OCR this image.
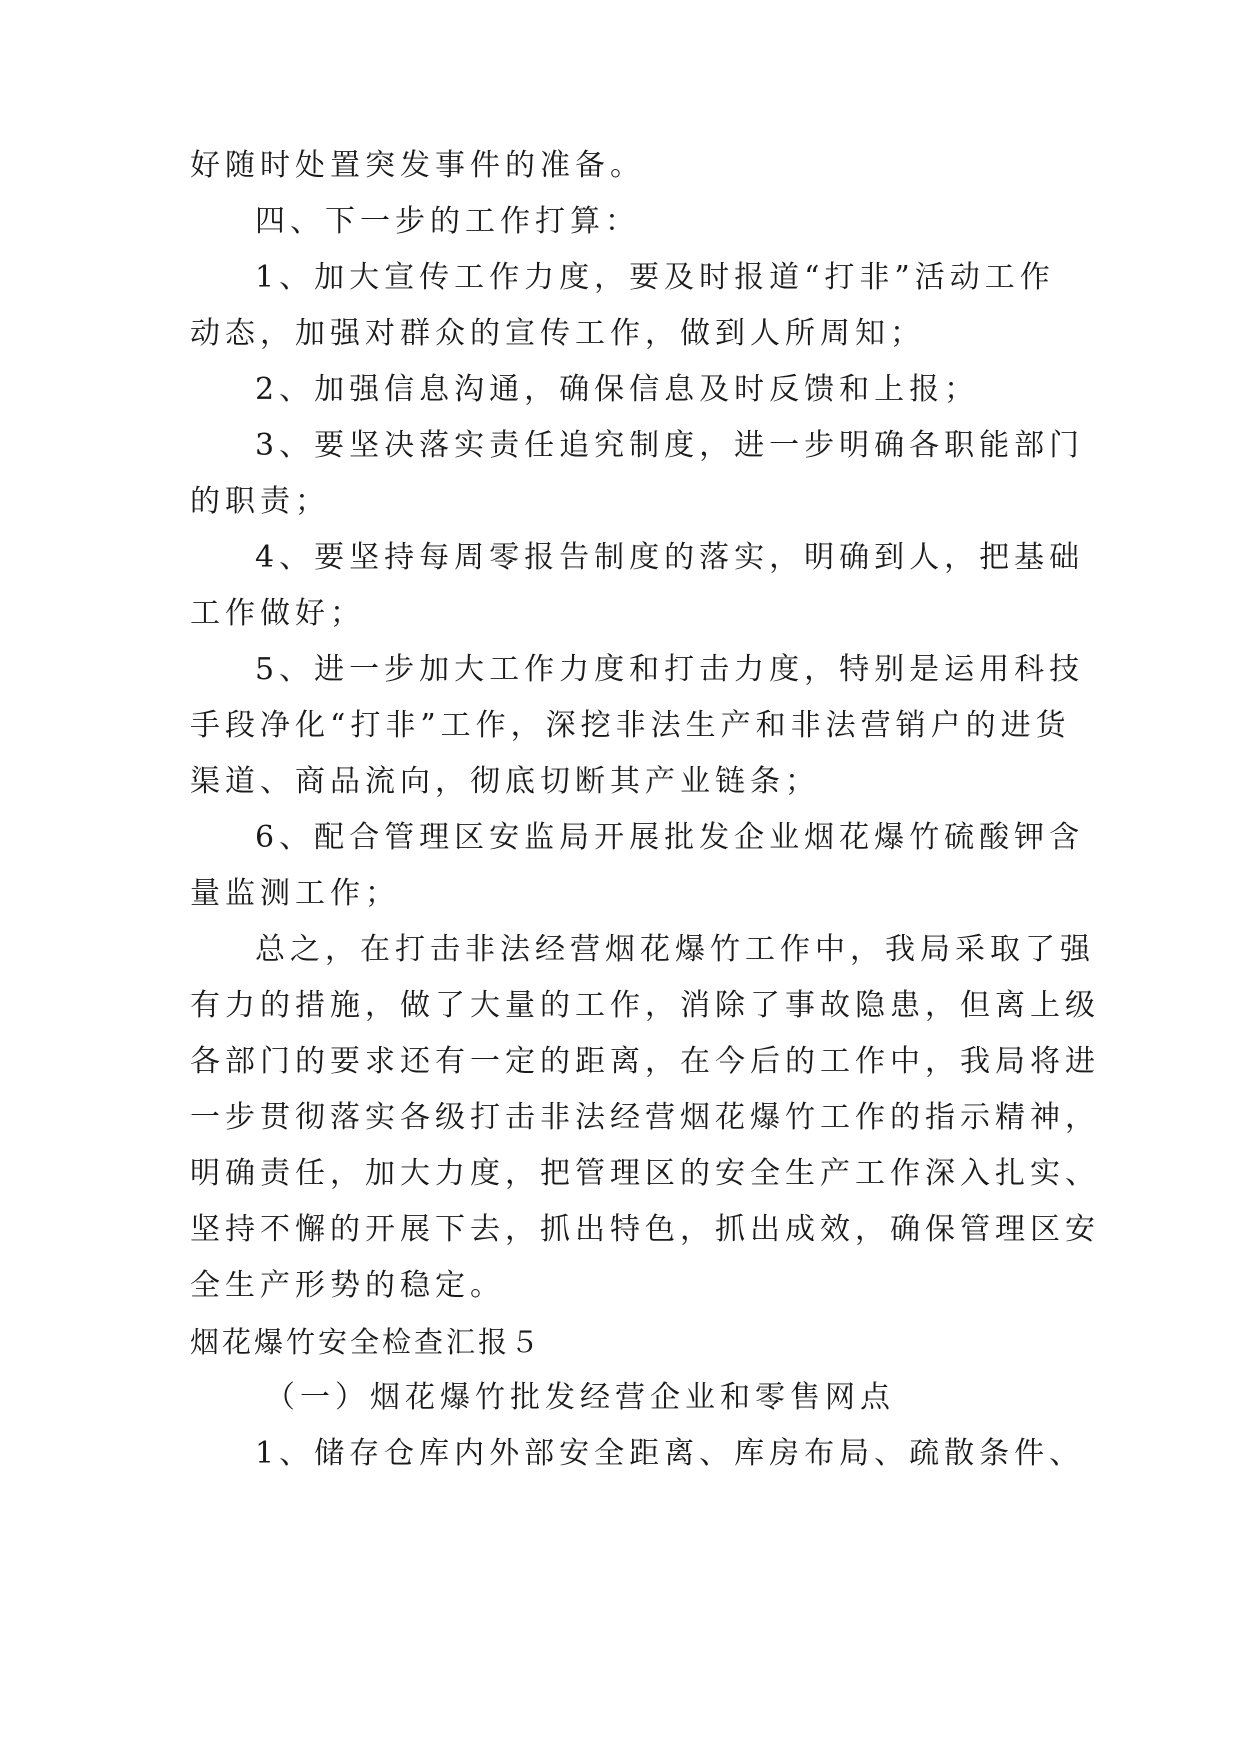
好随时处置突发事件的准备。
四、下一步的工作打算：
1、加大宣传工作力度，要及时报道“打非”活动工作
动态，加强对群众的宣传工作，做到人所周知；
2、加强信息沟通，确保信息及时反馈和上报；
3、要坚决落实责任追究制度，进一步明确各职能部门
的职责；
4、要坚持每周零报告制度的落实，明确到人，把基础
工作做好；
5、进一步加大工作力度和打击力度，特别是运用科技
手段净化“打非”工作，深挖非法生产和非法营销户的进货
渠道、商品流向，彻底切断其产业链条；
6、配合管理区安监局开展批发企业烟花爆竹硫酸钾含
量监测工作；
总之，在打击非法经营烟花爆竹工作中，我局采取了强
有力的措施，做了大量的工作，消除了事故隐患，但离上级
各部门的要求还有一定的距离，在今后的工作中，我局将进
一步贯彻落实各级打击非法经营烟花爆竹工作的指示精神，
明确责任，加大力度，把管理区的安全生产工作深入扎实、
坚持不懈的开展下去，抓出特色，抓出成效，确保管理区安
全生产形势的稳定。
烟花爆竹安全检查汇报５
（一）烟花爆竹批发经营企业和零售网点
1、储存仓库内外部安全距离、库房布局、疏散条件、
